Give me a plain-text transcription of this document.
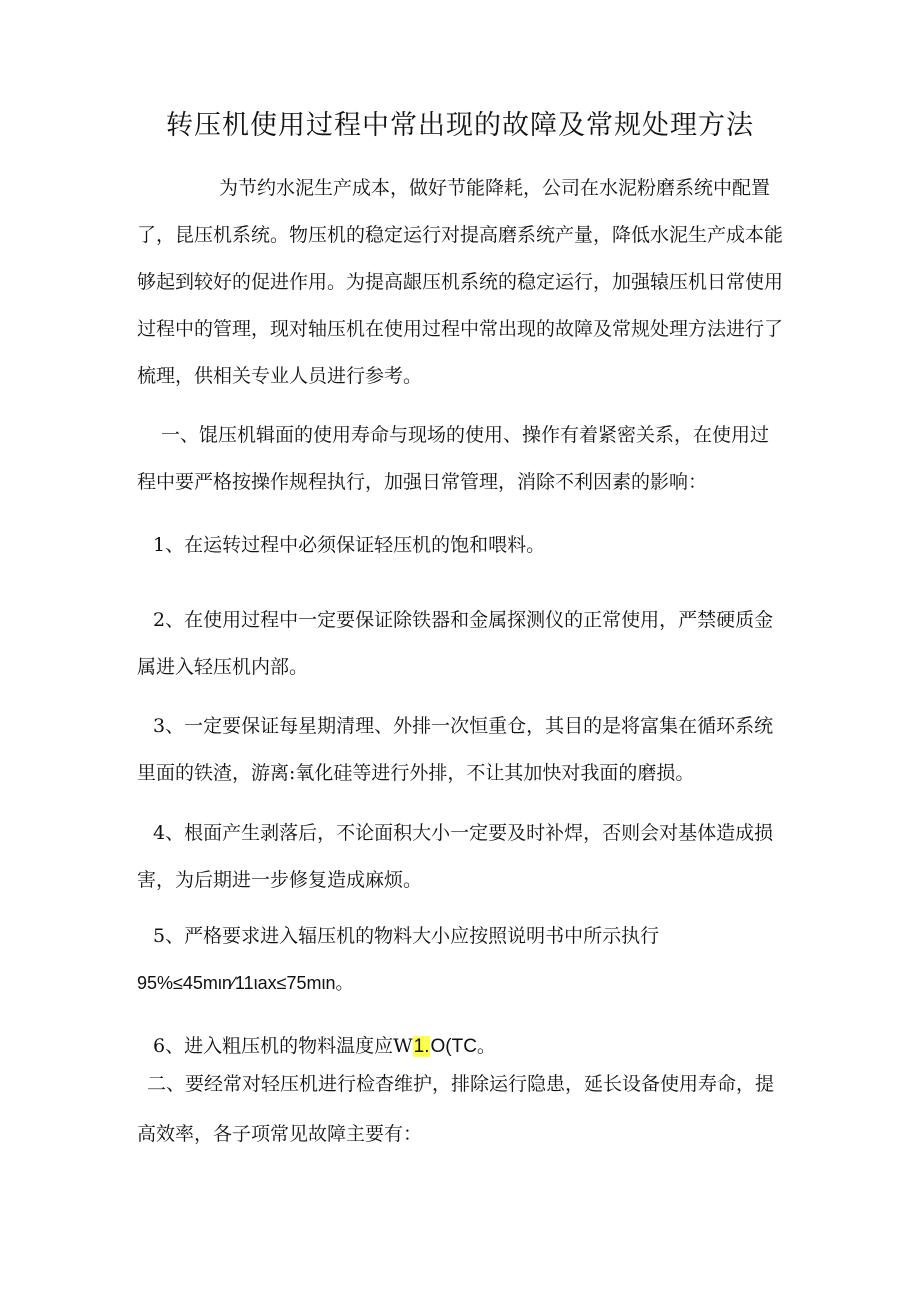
转压机使用过程中常出现的故障及常规处理方法

为节约水泥生产成本，做好节能降耗，公司在水泥粉磨系统中配置了，昆压机系统。物压机的稳定运行对提高磨系统产量，降低水泥生产成本能够起到较好的促进作用。为提高龈压机系统的稳定运行，加强辕压机日常使用过程中的管理，现对轴压机在使用过程中常出现的故障及常规处理方法进行了梳理，供相关专业人员进行参考。

一、馄压机辑面的使用寿命与现场的使用、操作有着紧密关系，在使用过程中要严格按操作规程执行，加强日常管理，消除不利因素的影响：

1、在运转过程中必须保证轻压机的饱和喂料。

2、在使用过程中一定要保证除铁器和金属探测仪的正常使用，严禁硬质金属进入轻压机内部。

3、一定要保证每星期清理、外排一次恒重仓，其目的是将富集在循环系统里面的铁渣，游离:氧化硅等进行外排，不让其加快对我面的磨损。

4、根面产生剥落后，不论面积大小一定要及时补焊，否则会对基体造成损害，为后期进一步修复造成麻烦。

5、严格要求进入辐压机的物料大小应按照说明书中所示执行

95%≤45mιn∕11ιax≤75mιn。

6、进入粗压机的物料温度应W1.O(TC。

二、要经常对轻压机进行检杳维护，排除运行隐患，延长设备使用寿命，提高效率，各子项常见故障主要有：
